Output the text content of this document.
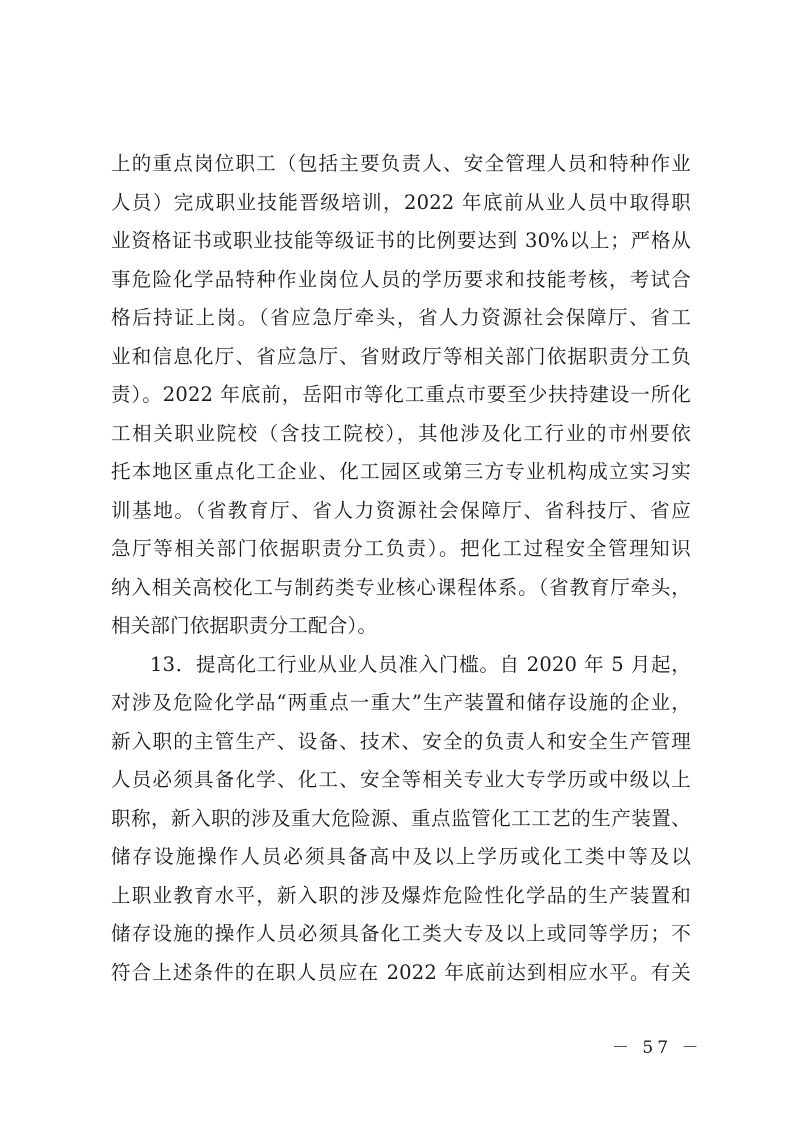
上的重点岗位职工（包括主要负责人、安全管理人员和特种作业
人员）完成职业技能晋级培训，2022 年底前从业人员中取得职
业资格证书或职业技能等级证书的比例要达到 30%以上；严格从
事危险化学品特种作业岗位人员的学历要求和技能考核，考试合
格后持证上岗。（省应急厅牵头，省人力资源社会保障厅、省工
业和信息化厅、省应急厅、省财政厅等相关部门依据职责分工负
责）。2022 年底前，岳阳市等化工重点市要至少扶持建设一所化
工相关职业院校（含技工院校），其他涉及化工行业的市州要依
托本地区重点化工企业、化工园区或第三方专业机构成立实习实
训基地。（省教育厅、省人力资源社会保障厅、省科技厅、省应
急厅等相关部门依据职责分工负责）。把化工过程安全管理知识
纳入相关高校化工与制药类专业核心课程体系。（省教育厅牵头，
相关部门依据职责分工配合）。
13．提高化工行业从业人员准入门槛。自 2020 年 5 月起，
对涉及危险化学品“两重点一重大”生产装置和储存设施的企业，
新入职的主管生产、设备、技术、安全的负责人和安全生产管理
人员必须具备化学、化工、安全等相关专业大专学历或中级以上
职称，新入职的涉及重大危险源、重点监管化工工艺的生产装置、
储存设施操作人员必须具备高中及以上学历或化工类中等及以
上职业教育水平，新入职的涉及爆炸危险性化学品的生产装置和
储存设施的操作人员必须具备化工类大专及以上或同等学历；不
符合上述条件的在职人员应在 2022 年底前达到相应水平。有关
－ 57 －
